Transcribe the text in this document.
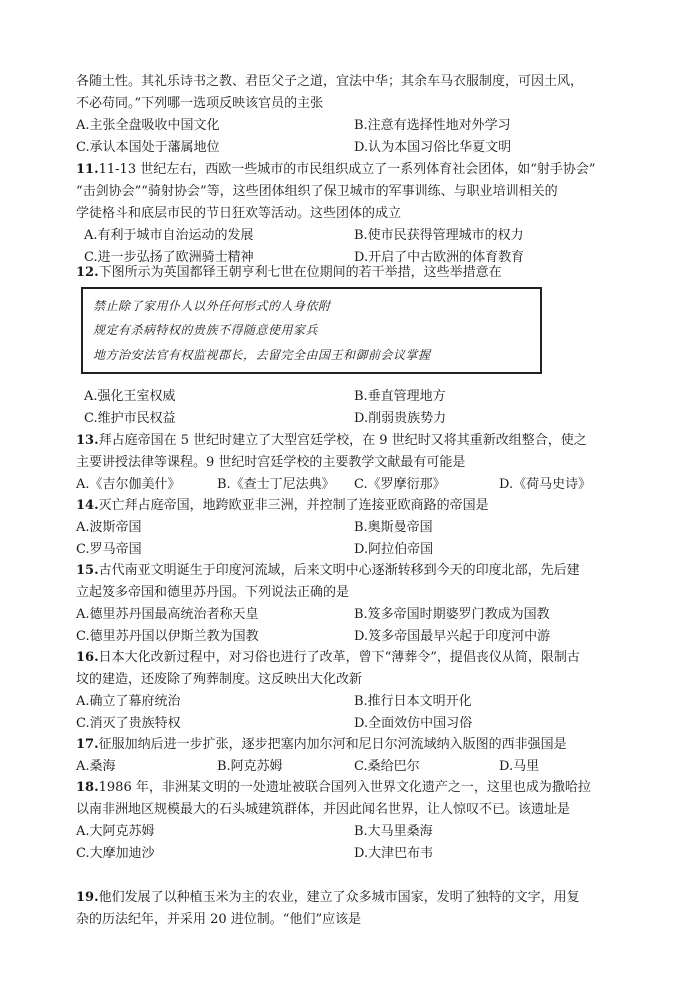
各随土性。其礼乐诗书之教、君臣父子之道，宜法中华；其余车马衣服制度，可因土风，
不必苟同。”下列哪一选项反映该官员的主张
A.主张全盘吸收中国文化	B.注意有选择性地对外学习
C.承认本国处于藩属地位	D.认为本国习俗比华夏文明
11.11-13 世纪左右，西欧一些城市的市民组织成立了一系列体育社会团体，如“射手协会”
“击剑协会”“骑射协会”等，这些团体组织了保卫城市的军事训练、与职业培训相关的
学徒格斗和底层市民的节日狂欢等活动。这些团体的成立
A.有利于城市自治运动的发展	B.使市民获得管理城市的权力
C.进一步弘扬了欧洲骑士精神	D.开启了中古欧洲的体育教育
12.下图所示为英国都铎王朝亨利七世在位期间的若干举措，这些举措意在
禁止除了家用仆人以外任何形式的人身依附
规定有杀病特权的贵族不得随意使用家兵
地方治安法官有权监视郡长，去留完全由国王和御前会议掌握
A.强化王室权威	B.垂直管理地方
C.维护市民权益	D.削弱贵族势力
13.拜占庭帝国在 5 世纪时建立了大型宫廷学校，在 9 世纪时又将其重新改组整合，使之
主要讲授法律等课程。9 世纪时宫廷学校的主要教学文献最有可能是
A.《吉尔伽美什》	B.《查士丁尼法典》 C.《罗摩衍那》	D.《荷马史诗》
14.灭亡拜占庭帝国，地跨欧亚非三洲，并控制了连接亚欧商路的帝国是
A.波斯帝国	B.奥斯曼帝国
C.罗马帝国	D.阿拉伯帝国
15.古代南亚文明诞生于印度河流域，后来文明中心逐渐转移到今天的印度北部，先后建
立起笈多帝国和德里苏丹国。下列说法正确的是
A.德里苏丹国最高统治者称天皇	B.笈多帝国时期婆罗门教成为国教
C.德里苏丹国以伊斯兰教为国教	D.笈多帝国最早兴起于印度河中游
16.日本大化改新过程中，对习俗也进行了改革，曾下“薄葬令”，提倡丧仪从简，限制古
坟的建造，还废除了殉葬制度。这反映出大化改新
A.确立了幕府统治	B.推行日本文明开化
C.消灭了贵族特权	D.全面效仿中国习俗
17.征服加纳后进一步扩张，逐步把塞内加尔河和尼日尔河流域纳入版图的西非强国是
A.桑海	B.阿克苏姆	C.桑给巴尔	D.马里
18.1986 年，非洲某文明的一处遗址被联合国列入世界文化遗产之一，这里也成为撒哈拉
以南非洲地区规模最大的石头城建筑群体，并因此闻名世界，让人惊叹不已。该遗址是
A.大阿克苏姆	B.大马里桑海
C.大摩加迪沙	D.大津巴布韦
19.他们发展了以种植玉米为主的农业，建立了众多城市国家，发明了独特的文字，用复
杂的历法纪年，并采用 20 进位制。“他们”应该是
